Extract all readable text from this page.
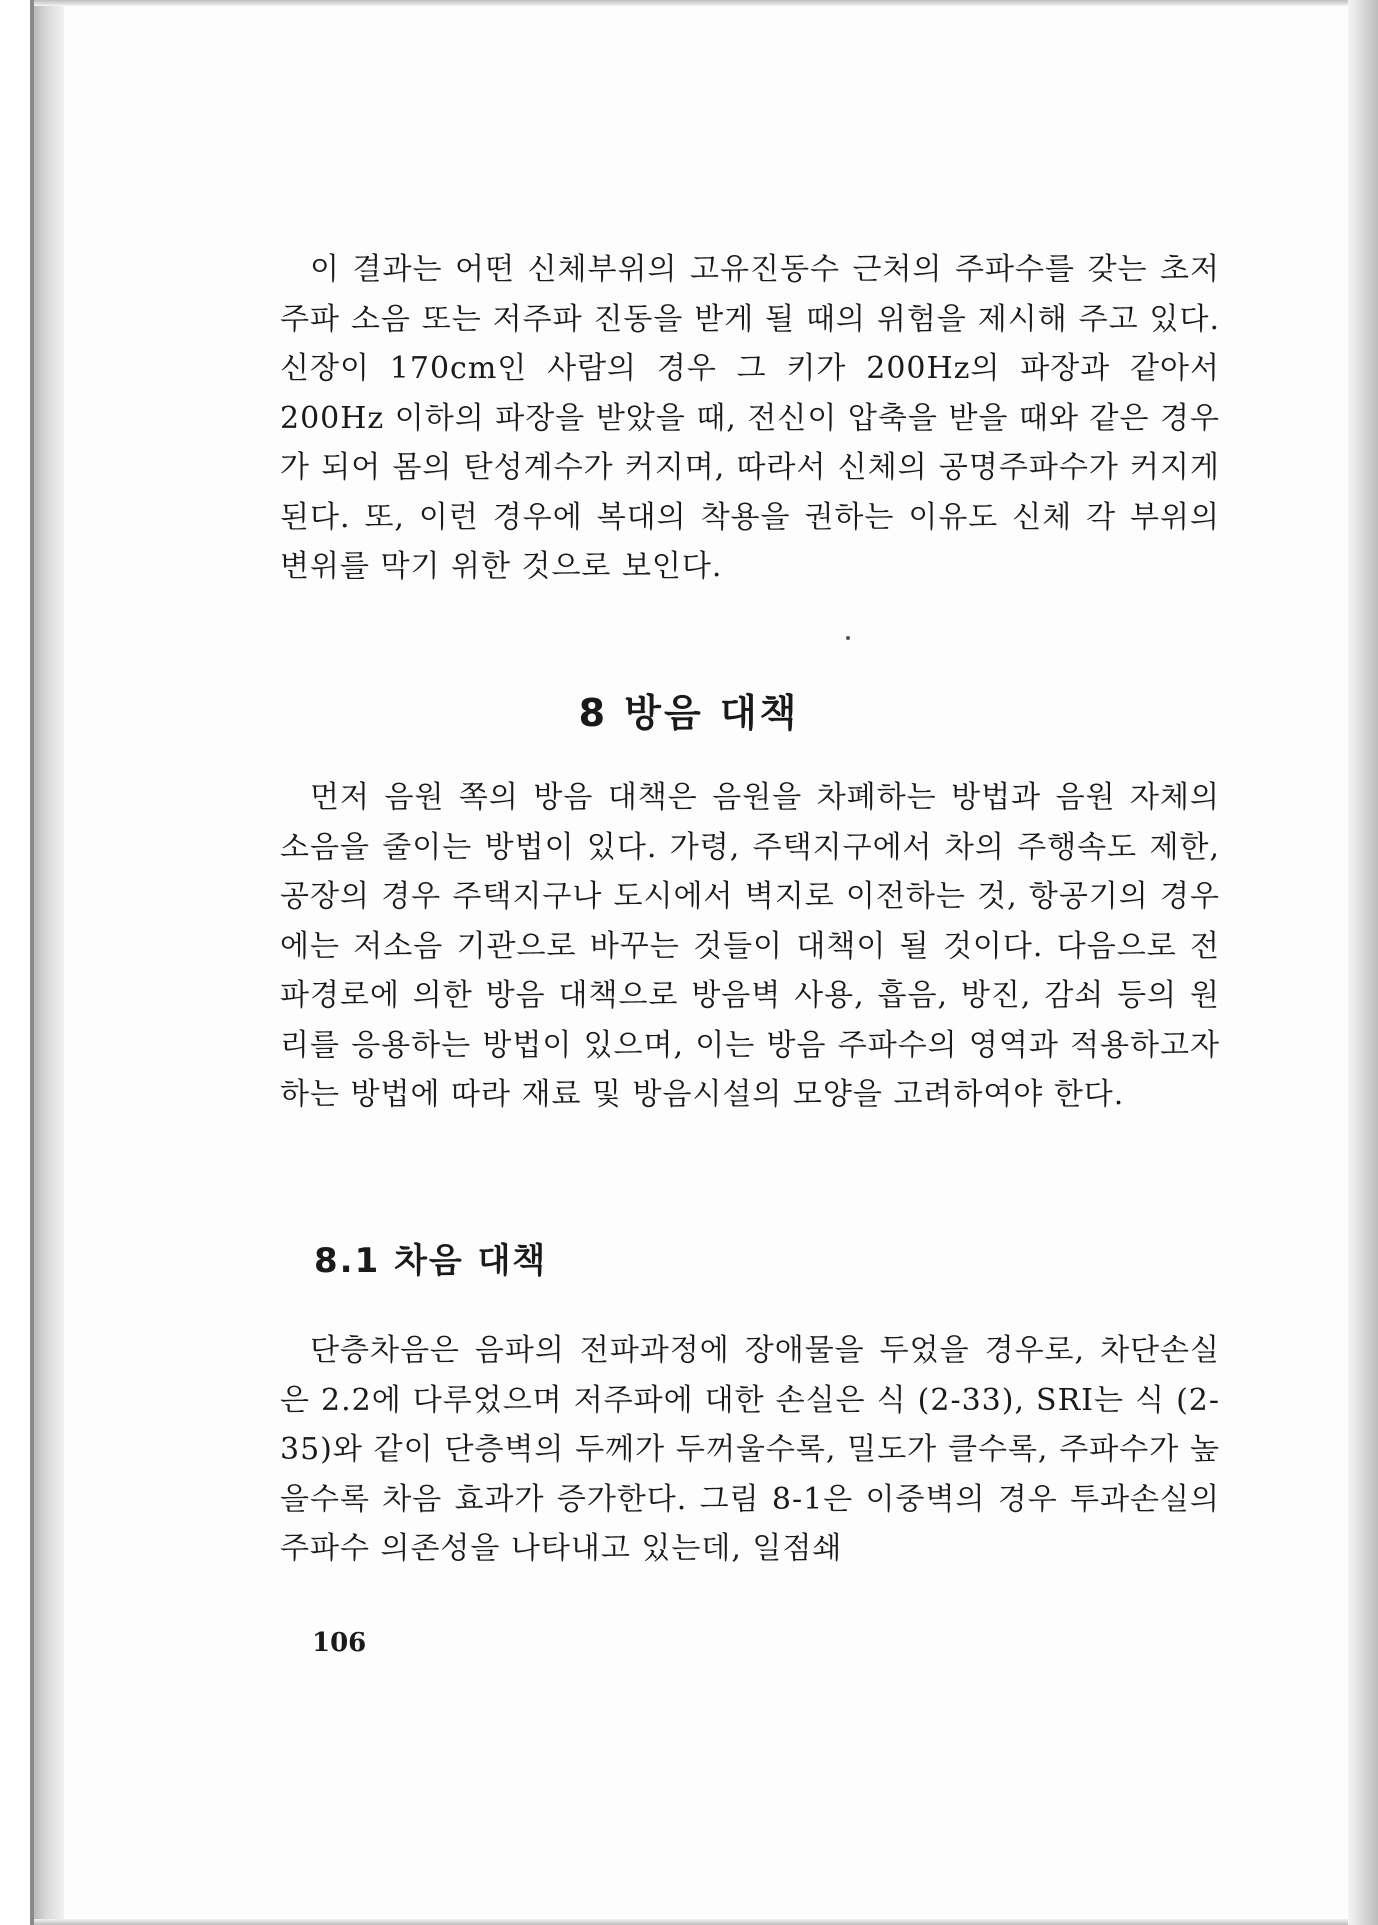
이 결과는 어떤 신체부위의 고유진동수 근처의 주파수를 갖는 초저주파 소음 또는 저주파 진동을 받게 될 때의 위험을 제시해 주고 있다. 신장이 170cm인 사람의 경우 그 키가 200Hz의 파장과 같아서 200Hz 이하의 파장을 받았을 때, 전신이 압축을 받을 때와 같은 경우가 되어 몸의 탄성계수가 커지며, 따라서 신체의 공명주파수가 커지게 된다. 또, 이런 경우에 복대의 착용을 권하는 이유도 신체 각 부위의 변위를 막기 위한 것으로 보인다.

8 방음 대책

먼저 음원 쪽의 방음 대책은 음원을 차폐하는 방법과 음원 자체의 소음을 줄이는 방법이 있다. 가령, 주택지구에서 차의 주행속도 제한, 공장의 경우 주택지구나 도시에서 벽지로 이전하는 것, 항공기의 경우에는 저소음 기관으로 바꾸는 것들이 대책이 될 것이다. 다음으로 전파경로에 의한 방음 대책으로 방음벽 사용, 흡음, 방진, 감쇠 등의 원리를 응용하는 방법이 있으며, 이는 방음 주파수의 영역과 적용하고자 하는 방법에 따라 재료 및 방음시설의 모양을 고려하여야 한다.

8.1 차음 대책

단층차음은 음파의 전파과정에 장애물을 두었을 경우로, 차단손실은 2.2에 다루었으며 저주파에 대한 손실은 식 (2-33), SRI는 식 (2-35)와 같이 단층벽의 두께가 두꺼울수록, 밀도가 클수록, 주파수가 높을수록 차음 효과가 증가한다. 그림 8-1은 이중벽의 경우 투과손실의 주파수 의존성을 나타내고 있는데, 일점쇄

106
